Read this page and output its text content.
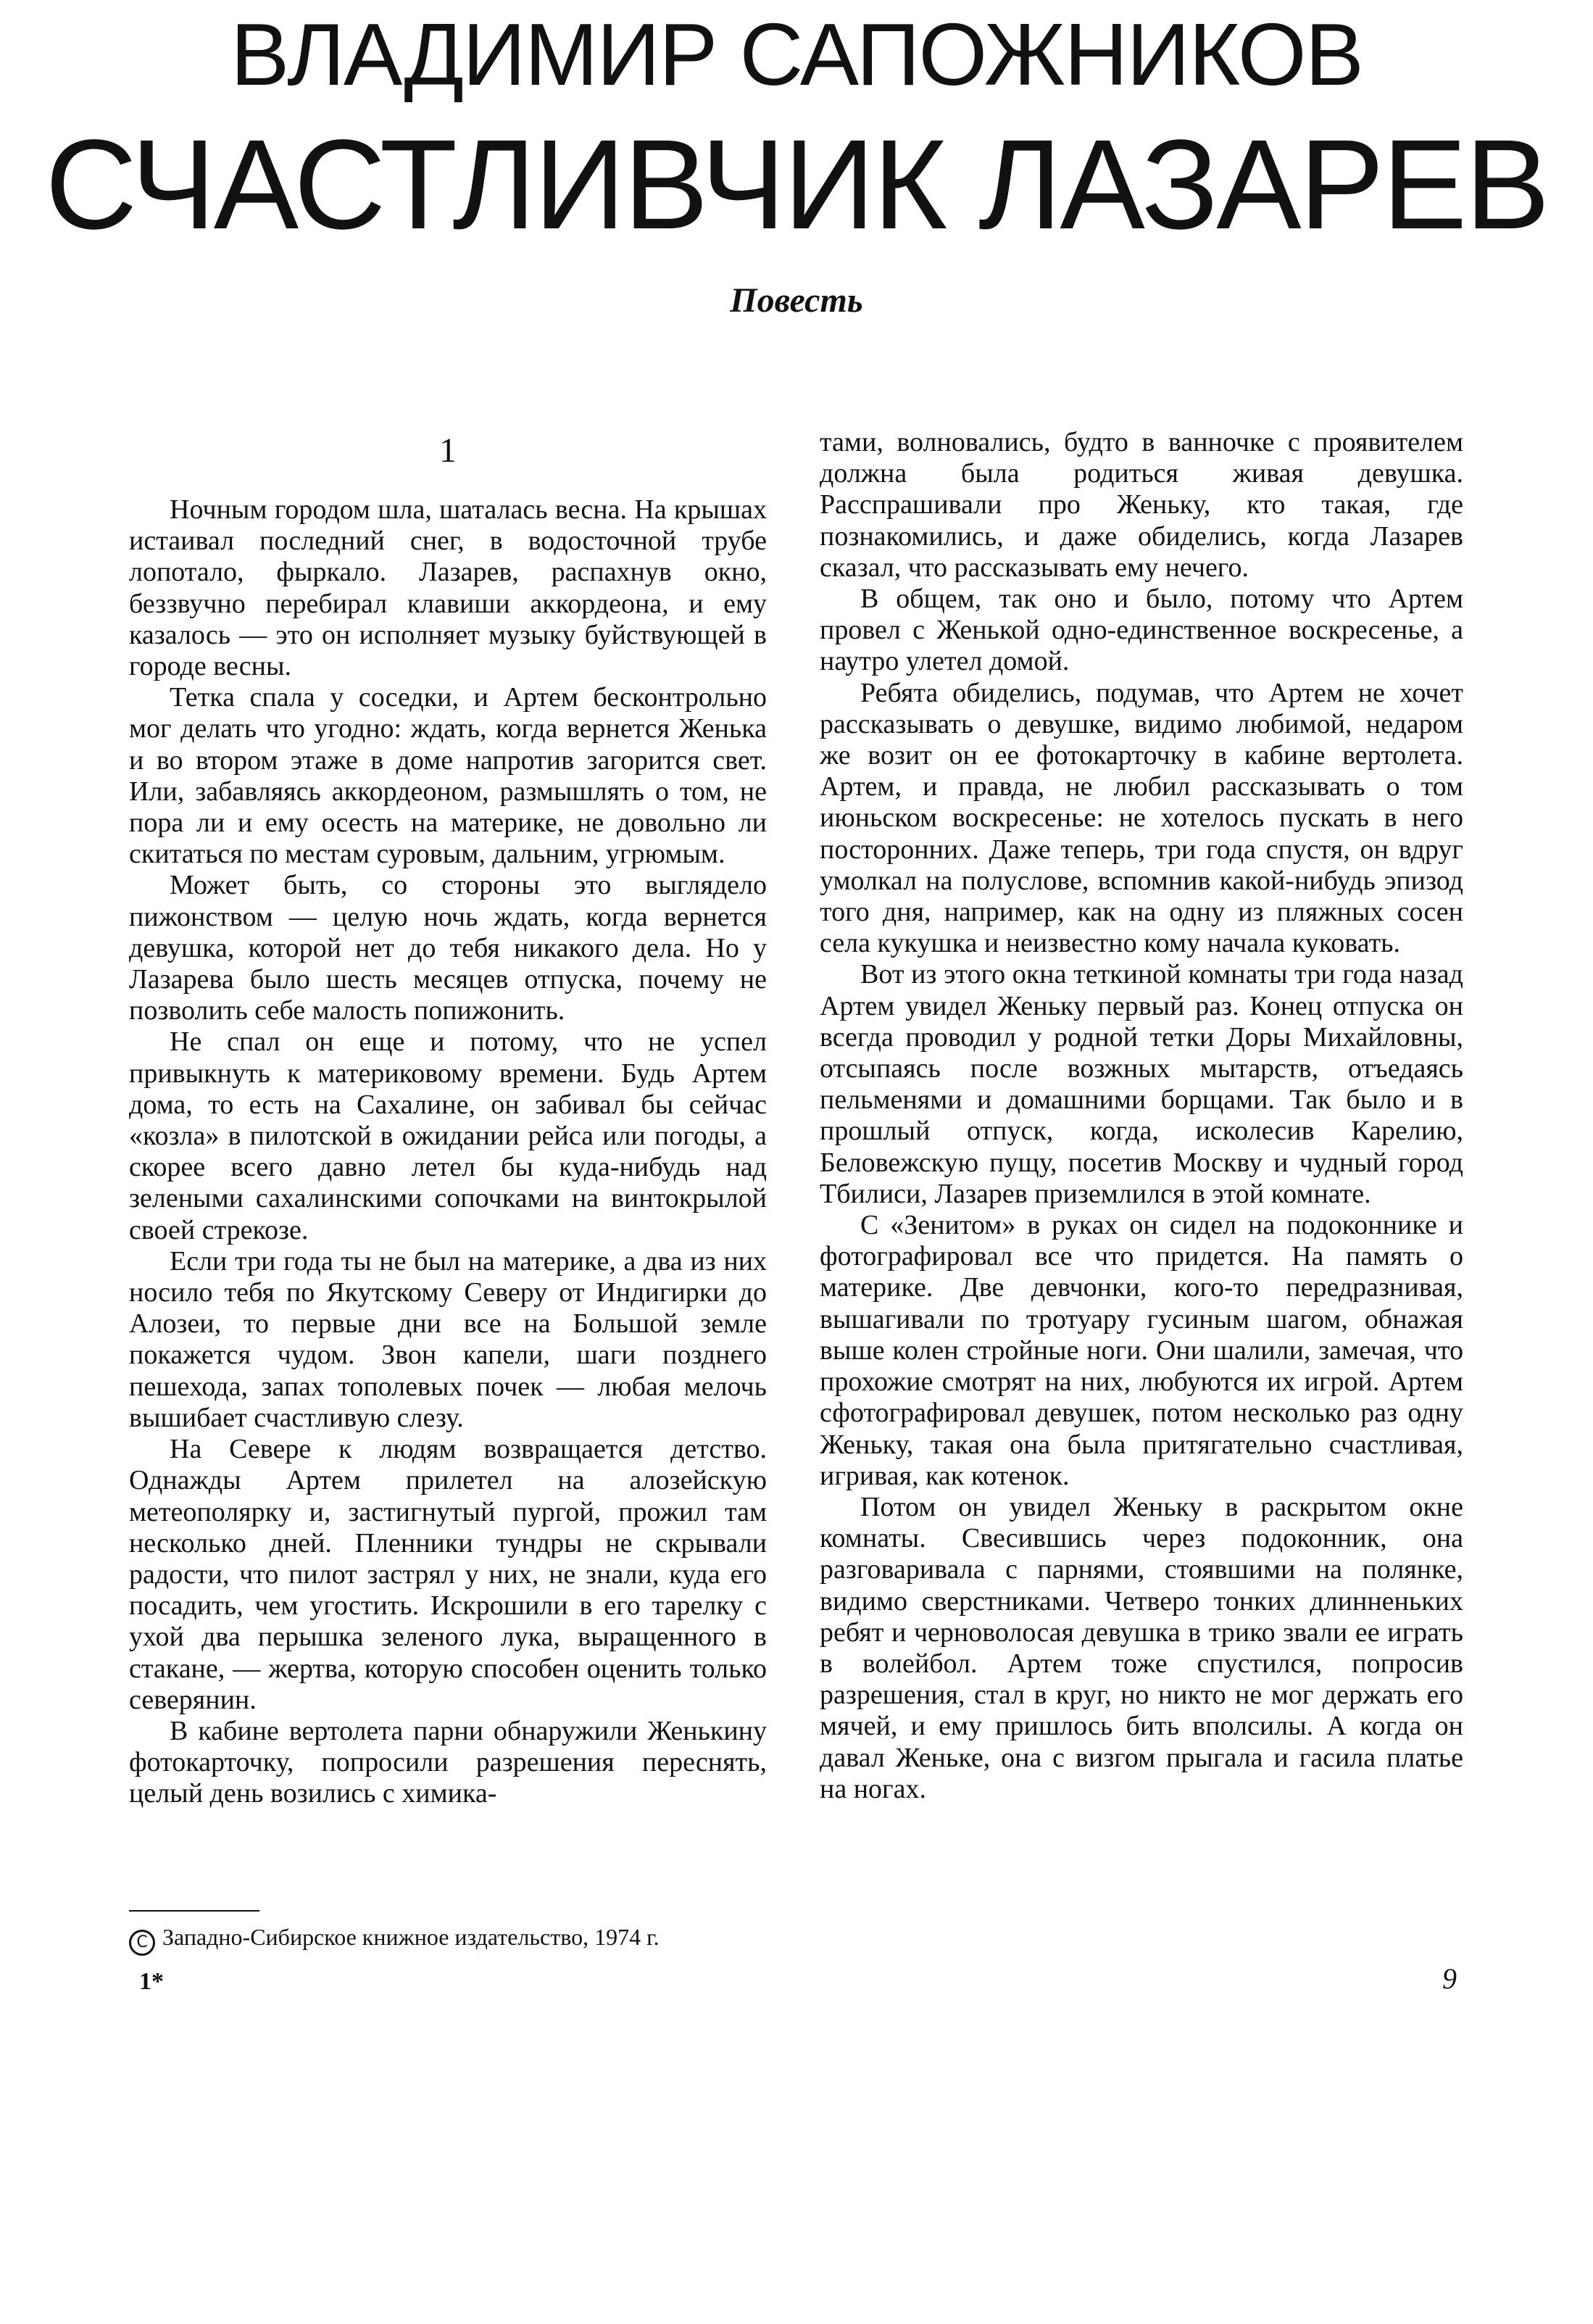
ВЛАДИМИР САПОЖНИКОВ
СЧАСТЛИВЧИК ЛАЗАРЕВ
Повесть
1

Ночным городом шла, шаталась весна. На крышах истаивал последний снег, в водосточной трубе лопотало, фыркало. Лазарев, распахнув окно, беззвучно перебирал клавиши аккордеона, и ему казалось — это он исполняет музыку буйствующей в городе весны.

Тетка спала у соседки, и Артем бесконтрольно мог делать что угодно: ждать, когда вернется Женька и во втором этаже в доме напротив загорится свет. Или, забавляясь аккордеоном, размышлять о том, не пора ли и ему осесть на материке, не довольно ли скитаться по местам суровым, дальним, угрюмым.

Может быть, со стороны это выглядело пижонством — целую ночь ждать, когда вернется девушка, которой нет до тебя никакого дела. Но у Лазарева было шесть месяцев отпуска, почему не позволить себе малость попижонить.

Не спал он еще и потому, что не успел привыкнуть к материковому времени. Будь Артем дома, то есть на Сахалине, он забивал бы сейчас «козла» в пилотской в ожидании рейса или погоды, а скорее всего давно летел бы куда-нибудь над зелеными сахалинскими сопочками на винтокрылой своей стрекозе.

Если три года ты не был на материке, а два из них носило тебя по Якутскому Северу от Индигирки до Алозеи, то первые дни все на Большой земле покажется чудом. Звон капели, шаги позднего пешехода, запах тополевых почек — любая мелочь вышибает счастливую слезу.

На Севере к людям возвращается детство. Однажды Артем прилетел на алозейскую метеополярку и, застигнутый пургой, прожил там несколько дней. Пленники тундры не скрывали радости, что пилот застрял у них, не знали, куда его посадить, чем угостить. Искрошили в его тарелку с ухой два перышка зеленого лука, выращенного в стакане, — жертва, которую способен оценить только северянин.

В кабине вертолета парни обнаружили Женькину фотокарточку, попросили разрешения переснять, целый день возились с химика-

тами, волновались, будто в ванночке с проявителем должна была родиться живая девушка. Расспрашивали про Женьку, кто такая, где познакомились, и даже обиделись, когда Лазарев сказал, что рассказывать ему нечего.

В общем, так оно и было, потому что Артем провел с Женькой одно-единственное воскресенье, а наутро улетел домой.

Ребята обиделись, подумав, что Артем не хочет рассказывать о девушке, видимо любимой, недаром же возит он ее фотокарточку в кабине вертолета. Артем, и правда, не любил рассказывать о том июньском воскресенье: не хотелось пускать в него посторонних. Даже теперь, три года спустя, он вдруг умолкал на полуслове, вспомнив какой-нибудь эпизод того дня, например, как на одну из пляжных сосен села кукушка и неизвестно кому начала куковать.

Вот из этого окна теткиной комнаты три года назад Артем увидел Женьку первый раз. Конец отпуска он всегда проводил у родной тетки Доры Михайловны, отсыпаясь после возжных мытарств, отъедаясь пельменями и домашними борщами. Так было и в прошлый отпуск, когда, исколесив Карелию, Беловежскую пущу, посетив Москву и чудный город Тбилиси, Лазарев приземлился в этой комнате.

С «Зенитом» в руках он сидел на подоконнике и фотографировал все что придется. На память о материке. Две девчонки, кого-то передразнивая, вышагивали по тротуару гусиным шагом, обнажая выше колен стройные ноги. Они шалили, замечая, что прохожие смотрят на них, любуются их игрой. Артем сфотографировал девушек, потом несколько раз одну Женьку, такая она была притягательно счастливая, игривая, как котенок.

Потом он увидел Женьку в раскрытом окне комнаты. Свесившись через подоконник, она разговаривала с парнями, стоявшими на полянке, видимо сверстниками. Четверо тонких длинненьких ребят и черноволосая девушка в трико звали ее играть в волейбол. Артем тоже спустился, попросив разрешения, стал в круг, но никто не мог держать его мячей, и ему пришлось бить вполсилы. А когда он давал Женьке, она с визгом прыгала и гасила платье на ногах.

C Западно-Сибирское книжное издательство, 1974 г.
1*	9
